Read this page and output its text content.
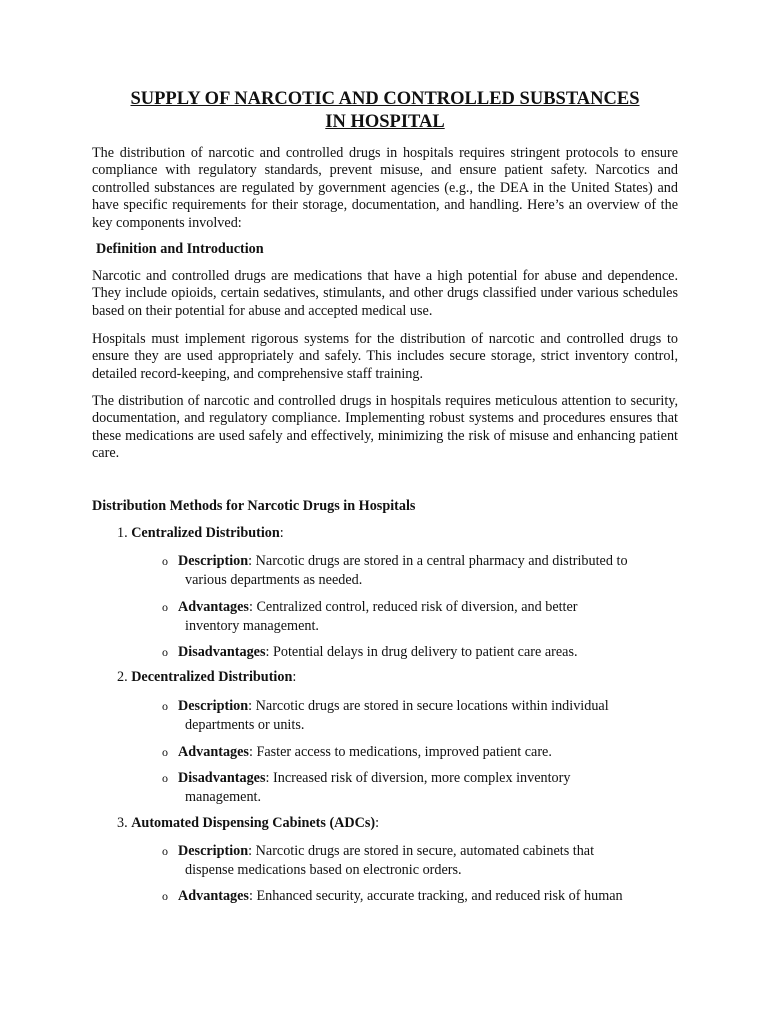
SUPPLY OF NARCOTIC AND CONTROLLED SUBSTANCES
IN HOSPITAL

The distribution of narcotic and controlled drugs in hospitals requires stringent protocols to ensure compliance with regulatory standards, prevent misuse, and ensure patient safety. Narcotics and controlled substances are regulated by government agencies (e.g., the DEA in the United States) and have specific requirements for their storage, documentation, and handling. Here’s an overview of the key components involved:

Definition and Introduction

Narcotic and controlled drugs are medications that have a high potential for abuse and dependence. They include opioids, certain sedatives, stimulants, and other drugs classified under various schedules based on their potential for abuse and accepted medical use.

Hospitals must implement rigorous systems for the distribution of narcotic and controlled drugs to ensure they are used appropriately and safely. This includes secure storage, strict inventory control, detailed record-keeping, and comprehensive staff training.

The distribution of narcotic and controlled drugs in hospitals requires meticulous attention to security, documentation, and regulatory compliance. Implementing robust systems and procedures ensures that these medications are used safely and effectively, minimizing the risk of misuse and enhancing patient care.

Distribution Methods for Narcotic Drugs in Hospitals

1. Centralized Distribution:

o Description: Narcotic drugs are stored in a central pharmacy and distributed to
various departments as needed.
o Advantages: Centralized control, reduced risk of diversion, and better
inventory management.
o Disadvantages: Potential delays in drug delivery to patient care areas.

2. Decentralized Distribution:

o Description: Narcotic drugs are stored in secure locations within individual
departments or units.
o Advantages: Faster access to medications, improved patient care.
o Disadvantages: Increased risk of diversion, more complex inventory
management.

3. Automated Dispensing Cabinets (ADCs):

o Description: Narcotic drugs are stored in secure, automated cabinets that
dispense medications based on electronic orders.
o Advantages: Enhanced security, accurate tracking, and reduced risk of human
